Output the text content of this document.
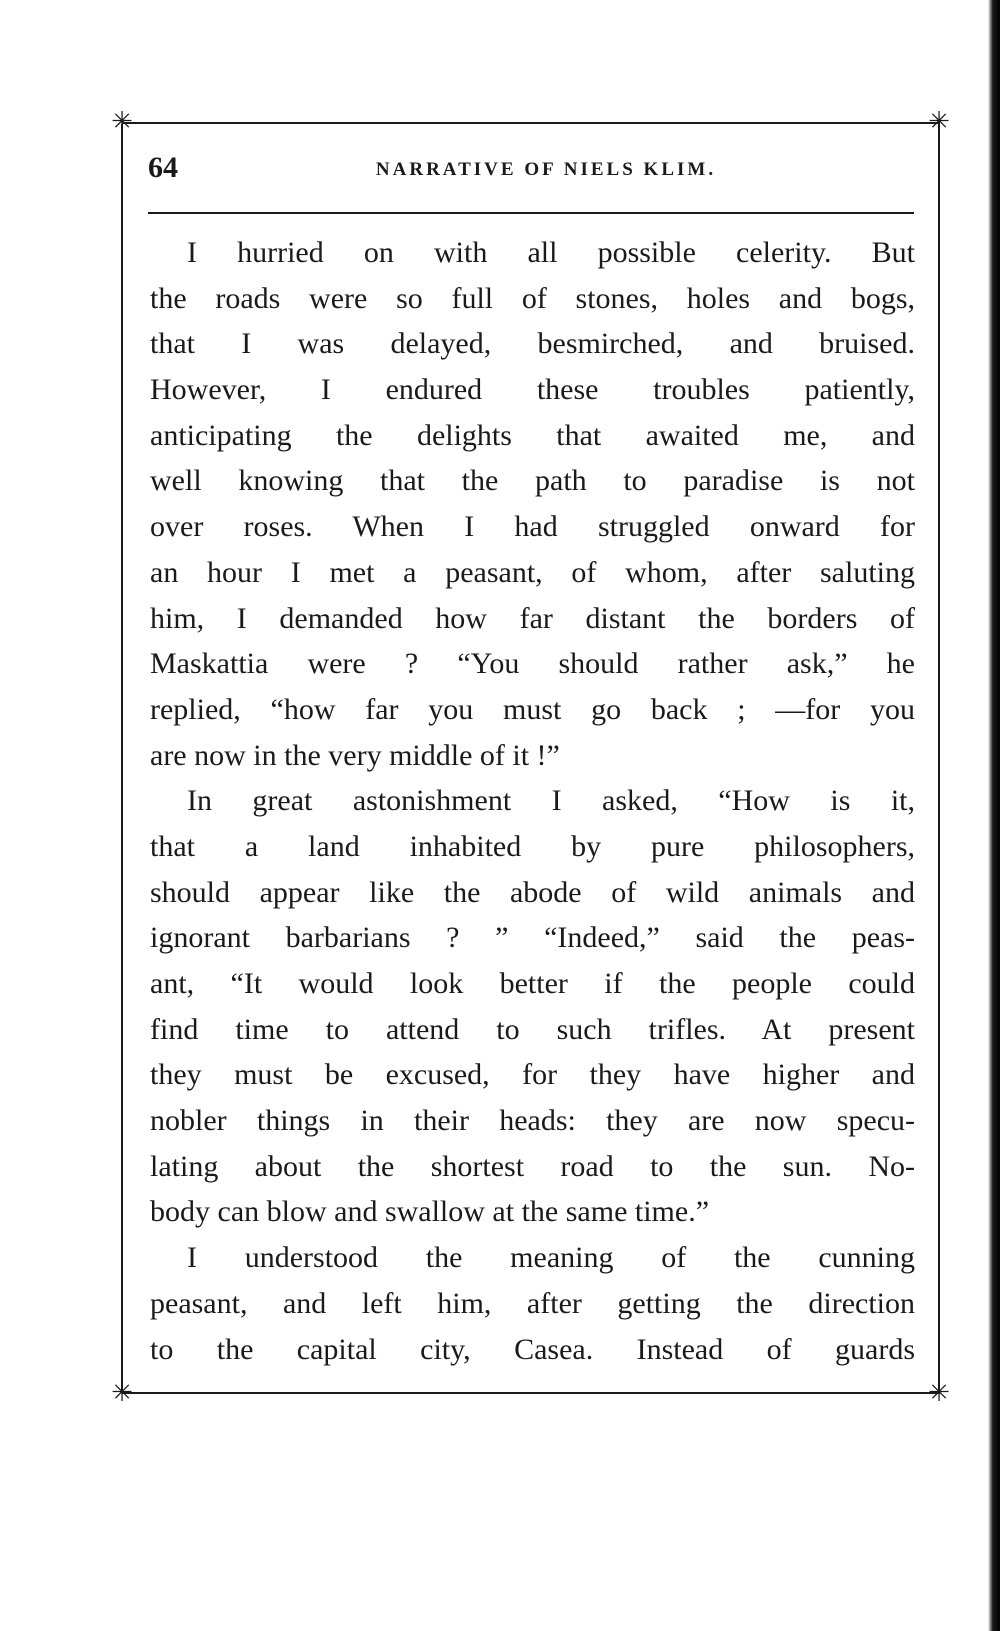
✳	✳
✳	✳
64	NARRATIVE OF NIELS KLIM.
I hurried on with all possible celerity. But
the roads were so full of stones, holes and bogs,
that I was delayed, besmirched, and bruised.
However, I endured these troubles patiently,
anticipating the delights that awaited me, and
well knowing that the path to paradise is not
over roses. When I had struggled onward for
an hour I met a peasant, of whom, after saluting
him, I demanded how far distant the borders of
Maskattia were ? “You should rather ask,” he
replied, “how far you must go back ; —for you
are now in the very middle of it !”
In great astonishment I asked, “How is it,
that a land inhabited by pure philosophers,
should appear like the abode of wild animals and
ignorant barbarians ? ” “Indeed,” said the peas-
ant, “It would look better if the people could
find time to attend to such trifles. At present
they must be excused, for they have higher and
nobler things in their heads: they are now specu-
lating about the shortest road to the sun. No-
body can blow and swallow at the same time.”
I understood the meaning of the cunning
peasant, and left him, after getting the direction
to the capital city, Casea. Instead of guards
